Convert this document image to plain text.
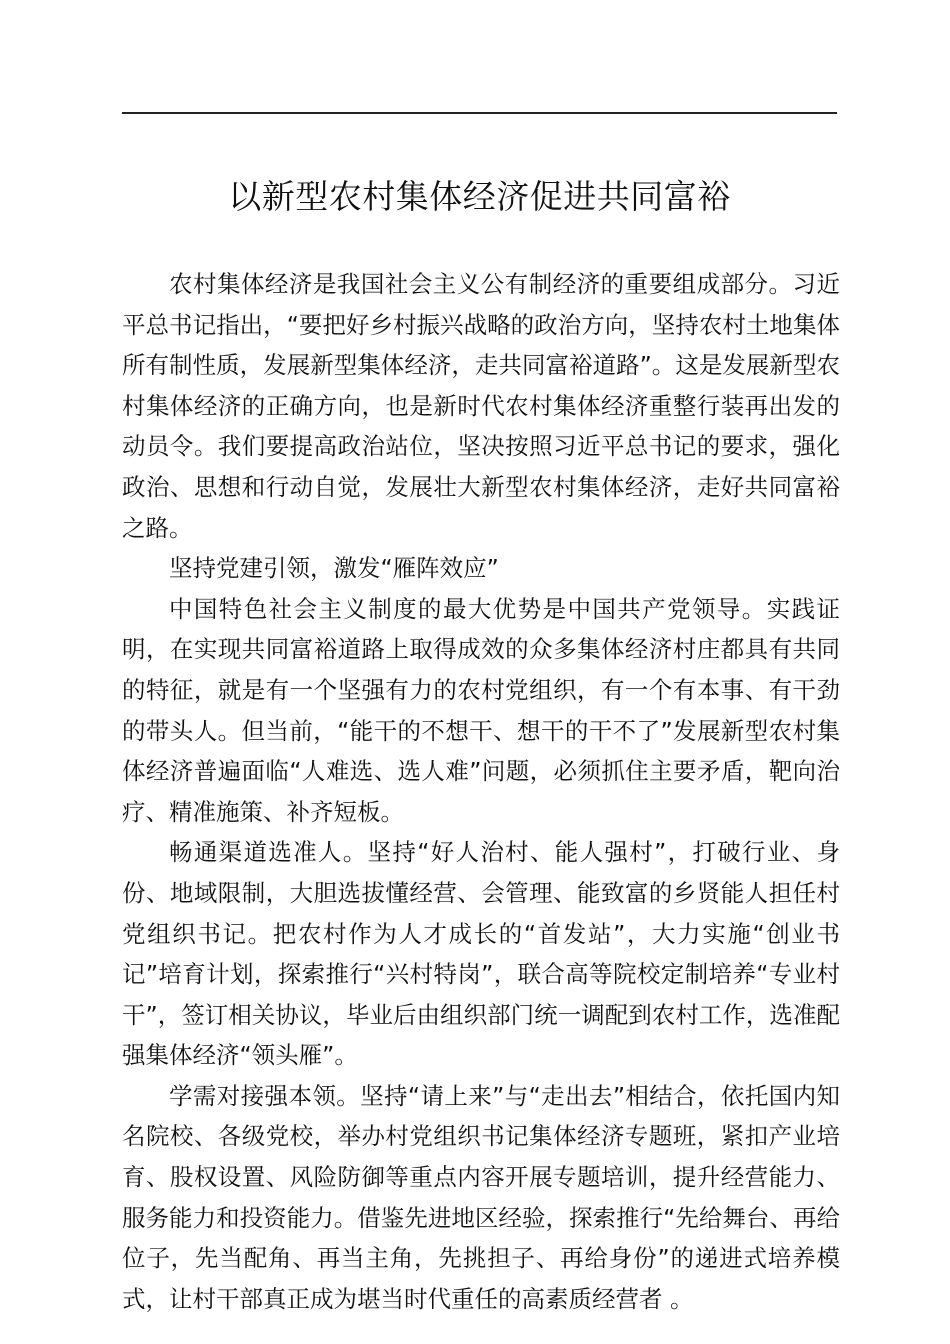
以新型农村集体经济促进共同富裕

农村集体经济是我国社会主义公有制经济的重要组成部分。习近平总书记指出，“要把好乡村振兴战略的政治方向，坚持农村土地集体所有制性质，发展新型集体经济，走共同富裕道路”。这是发展新型农村集体经济的正确方向，也是新时代农村集体经济重整行装再出发的动员令。我们要提高政治站位，坚决按照习近平总书记的要求，强化政治、思想和行动自觉，发展壮大新型农村集体经济，走好共同富裕之路。

坚持党建引领，激发“雁阵效应”

中国特色社会主义制度的最大优势是中国共产党领导。实践证明，在实现共同富裕道路上取得成效的众多集体经济村庄都具有共同的特征，就是有一个坚强有力的农村党组织，有一个有本事、有干劲的带头人。但当前，“能干的不想干、想干的干不了”发展新型农村集体经济普遍面临“人难选、选人难”问题，必须抓住主要矛盾，靶向治疗、精准施策、补齐短板。

畅通渠道选准人。坚持“好人治村、能人强村”，打破行业、身份、地域限制，大胆选拔懂经营、会管理、能致富的乡贤能人担任村党组织书记。把农村作为人才成长的“首发站”，大力实施“创业书记”培育计划，探索推行“兴村特岗”，联合高等院校定制培养“专业村干”，签订相关协议，毕业后由组织部门统一调配到农村工作，选准配强集体经济“领头雁”。

学需对接强本领。坚持“请上来”与“走出去”相结合，依托国内知名院校、各级党校，举办村党组织书记集体经济专题班，紧扣产业培育、股权设置、风险防御等重点内容开展专题培训，提升经营能力、服务能力和投资能力。借鉴先进地区经验，探索推行“先给舞台、再给位子，先当配角、再当主角，先挑担子、再给身份”的递进式培养模式，让村干部真正成为堪当时代重任的高素质经营者 。
